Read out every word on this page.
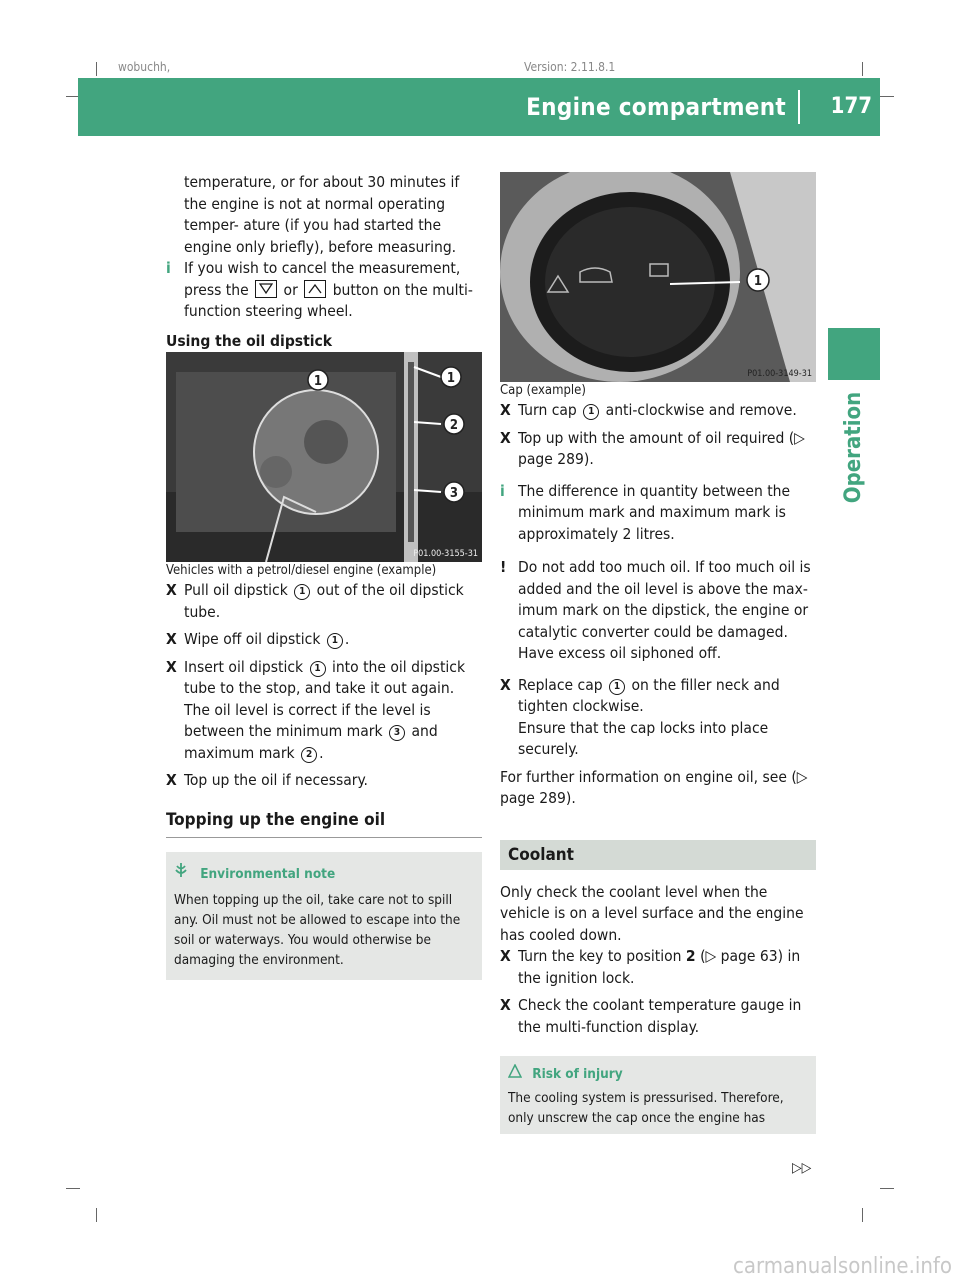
wobuchh,	Version: 2.11.8.1
Engine compartment	177
Operation

temperature, or for about 30 minutes if the engine is not at normal operating temper- ature (if you had started the engine only briefly), before measuring.

i If you wish to cancel the measurement, press the or button on the multi- function steering wheel.

Using the oil dipstick

1	1
2
3
P01.00-3155-31

Vehicles with a petrol/diesel engine (example)

X Pull oil dipstick 1 out of the oil dipstick tube.
X Wipe off oil dipstick 1 .
X Insert oil dipstick 1 into the oil dipstick tube to the stop, and take it out again.
The oil level is correct if the level is between the minimum mark 3 and maximum mark 2 .
X Top up the oil if necessary.
Topping up the engine oil
Environmental note
When topping up the oil, take care not to spill any. Oil must not be allowed to escape into the soil or waterways. You would otherwise be damaging the environment.
1
P01.00-3149-31

Cap (example)

X Turn cap 1 anti-clockwise and remove.
X Top up with the amount of oil required (▷ page 289).
i The difference in quantity between the minimum mark and maximum mark is approximately 2 litres.
! Do not add too much oil. If too much oil is added and the oil level is above the max- imum mark on the dipstick, the engine or catalytic converter could be damaged. Have excess oil siphoned off.
X Replace cap 1 on the filler neck and tighten clockwise.
Ensure that the cap locks into place securely.

For further information on engine oil, see (▷ page 289).

Coolant

Only check the coolant level when the vehicle is on a level surface and the engine has cooled down.

X Turn the key to position 2 (▷ page 63) in the ignition lock.
X Check the coolant temperature gauge in the multi-function display.
Risk of injury
The cooling system is pressurised. Therefore, only unscrew the cap once the engine has
▷▷
carmanualsonline.info
